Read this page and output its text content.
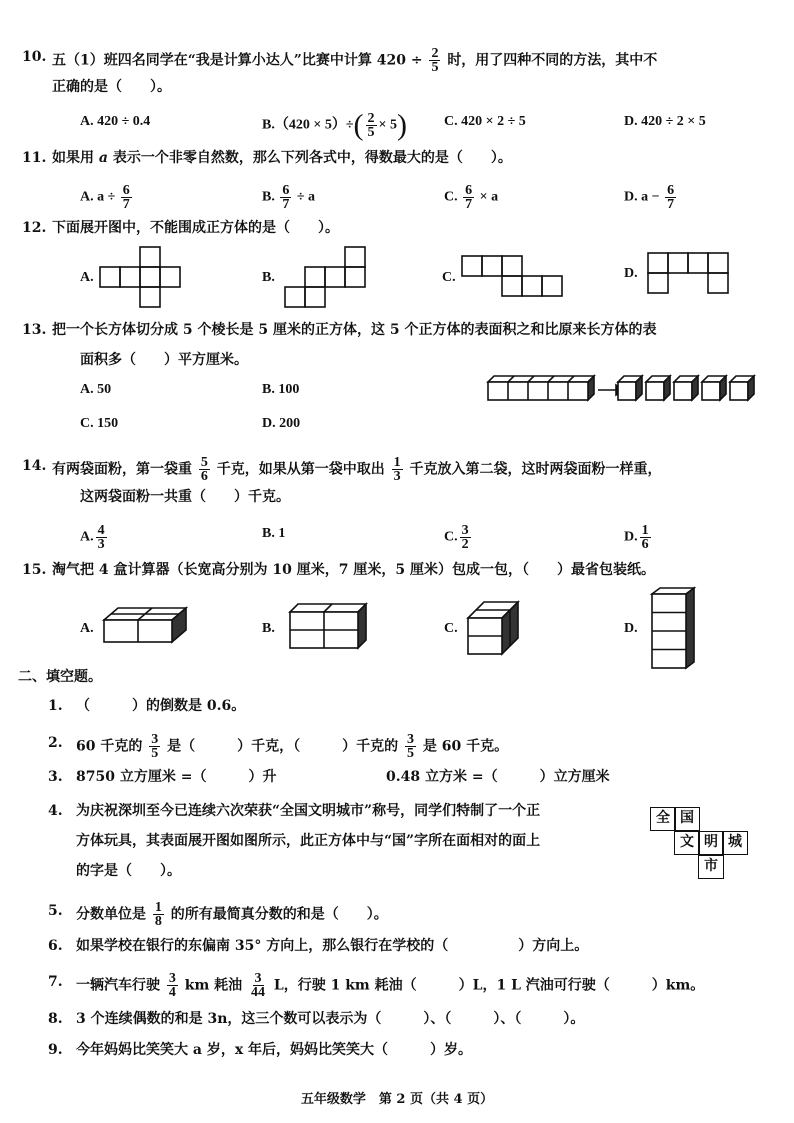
10. 五（1）班四名同学在“我是计算小达人”比赛中计算 $420 \div \frac{2}{5}$ 时，用了四种不同的方法，其中不
正确的是（　　）。
A. 420 ÷ 0.4	$B.(420 \times 5)\div( \frac{2}{5} \times 5)$	C. 420 × 2 ÷ 5	D. 420 ÷ 2 × 5
11. 如果用 a 表示一个非零自然数，那么下列各式中，得数最大的是（　　）。
A. $a \div \frac{6}{7}$	B. $\frac{6}{7} \div a$	C. $\frac{6}{7} \times a$	D. $a - \frac{6}{7}$
12. 下面展开图中，不能围成正方体的是（　　）。
A.	B.	C.	D.
13. 把一个长方体切分成 5 个棱长是 5 厘米的正方体，这 5 个正方体的表面积之和比原来长方体的表
面积多（　　）平方厘米。
A. 50	B. 100
C. 150	D. 200
14. 有两袋面粉，第一袋重 $\frac{5}{6}$ 千克，如果从第一袋中取出 $\frac{1}{3}$ 千克放入第二袋，这时两袋面粉一样重，
这两袋面粉一共重（　　）千克。
A. $\frac{4}{3}$	B. 1	C. $\frac{3}{2}$	D. $\frac{1}{6}$
15. 淘气把 4 盒计算器（长宽高分别为 10 厘米，7 厘米，5 厘米）包成一包，（　　）最省包装纸。
A.	B.	C.	D.
二、填空题。
1. （　　　）的倒数是 0.6。
2. 60 千克的 $\frac{3}{5}$ 是（　　　）千克，（　　　）千克的 $\frac{3}{5}$ 是 60 千克。
3. 8750 立方厘米 =（　　　）升	0.48 立方米 =（　　　）立方厘米
4. 为庆祝深圳至今已连续六次荣获“全国文明城市”称号，同学们特制了一个正
方体玩具，其表面展开图如图所示，此正方体中与“国”字所在面相对的面上
的字是（　　）。
全 国
文 明 城
市
5. 分数单位是 $\frac{1}{8}$ 的所有最简真分数的和是（　　）。
6. 如果学校在银行的东偏南 35° 方向上，那么银行在学校的（　　　　　）方向上。
7. 一辆汽车行驶 $\frac{3}{4}$ km 耗油 $\frac{3}{44}$ L，行驶 1 km 耗油（　　　）L，1 L 汽油可行驶（　　　）km。
8. 3 个连续偶数的和是 3n，这三个数可以表示为（　　　）、（　　　）、（　　　）。
9. 今年妈妈比笑笑大 a 岁，x 年后，妈妈比笑笑大（　　　）岁。
五年级数学　第 2 页（共 4 页）
